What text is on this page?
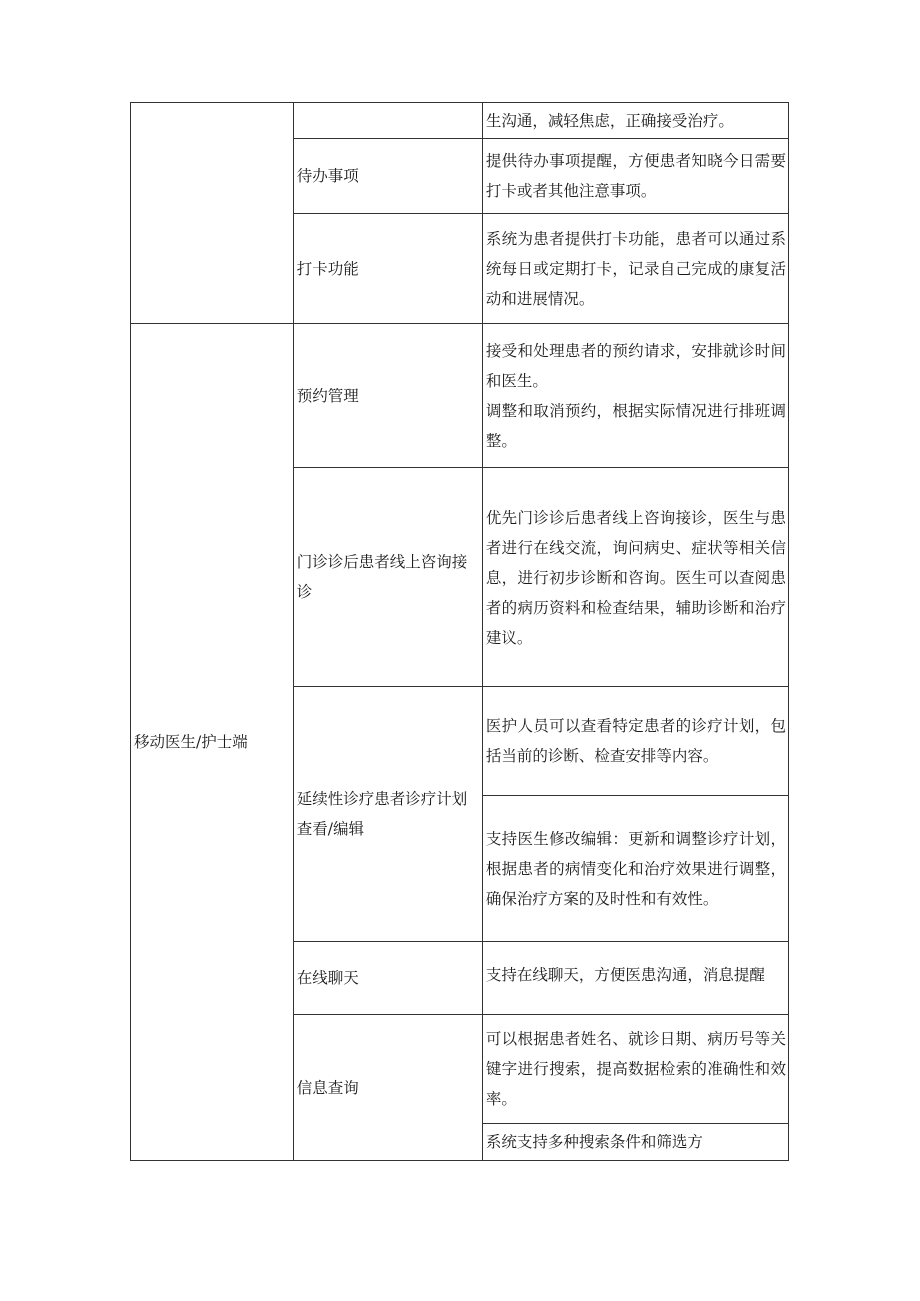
		生沟通，减轻焦虑，正确接受治疗。

	待办事项	提供待办事项提醒，方便患者知晓今日需要打卡或者其他注意事项。

	打卡功能	系统为患者提供打卡功能，患者可以通过系统每日或定期打卡，记录自己完成的康复活动和进展情况。

移动医生/护士端	预约管理	接受和处理患者的预约请求，安排就诊时间和医生。
调整和取消预约，根据实际情况进行排班调整。

	门诊诊后患者线上咨询接诊	优先门诊诊后患者线上咨询接诊，医生与患者进行在线交流，询问病史、症状等相关信息，进行初步诊断和咨询。医生可以查阅患者的病历资料和检查结果，辅助诊断和治疗建议。

	延续性诊疗患者诊疗计划查看/编辑	医护人员可以查看特定患者的诊疗计划，包括当前的诊断、检查安排等内容。

		支持医生修改编辑：更新和调整诊疗计划，根据患者的病情变化和治疗效果进行调整，确保治疗方案的及时性和有效性。

	在线聊天	支持在线聊天，方便医患沟通，消息提醒

	信息查询	可以根据患者姓名、就诊日期、病历号等关键字进行搜索，提高数据检索的准确性和效率。

		系统支持多种搜索条件和筛选方
